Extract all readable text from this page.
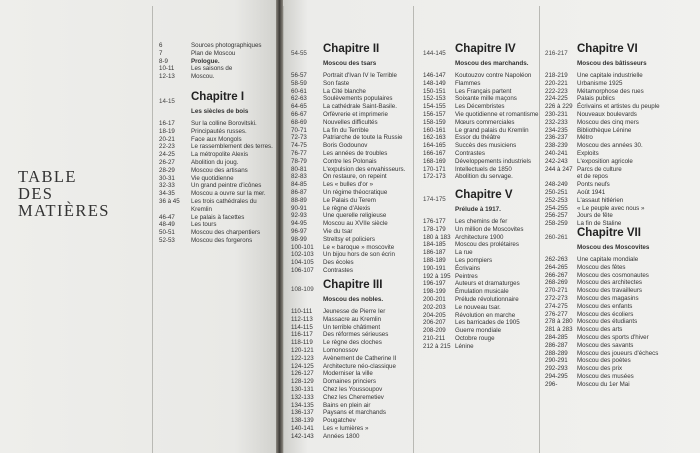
TABLE
DES
MATIÈRES
6	Sources photographiques
7	Plan de Moscou
8-9	Prologue.
10-11	Les saisons de
12-13	Moscou.
14-15 Chapitre I
Les siècles de bois
16-17	Sur la colline Borovitski.
18-19	Principautés russes.
20-21	Face aux Mongols
22-23	Le rassemblement des terres.
24-25	La métropolite Alexis
26-27	Abolition du joug.
28-29	Moscou des artisans
30-31	Vie quotidienne
32-33	Un grand peintre d'icônes
34-35	Moscou a ouvre sur la mer.
36 à 45	Les trois cathédrales du
Kremlin
46-47	Le palais à facettes
48-49	Les tours
50-51	Moscou des charpentiers
52-53	Moscou des forgerons
54-55 Chapitre II
Moscou des tsars
56-57	Portrait d'Ivan IV le Terrible
58-59	Son faste
60-61	La Cité blanche
62-63	Soulèvements populaires
64-65	La cathédrale Saint-Basile.
66-67	Orfèvrerie et imprimerie
68-69	Nouvelles difficultés
70-71	La fin du Terrible
72-73	Patriarche de toute la Russie
74-75	Boris Godounov
76-77	Les années de troubles
78-79	Contre les Polonais
80-81	L'expulsion des envahisseurs.
82-83	On restaure, on repeint
84-85	Les « bulles d'or »
86-87	Un régime théocratique
88-89	Le Palais du Terem
90-91	Le règne d'Alexis
92-93	Une querelle religieuse
94-95	Moscou au XVIIe siècle
96-97	Vie du tsar
98-99	Streltsy et policiers
100-101	Le « baroque » moscovite
102-103	Un bijou hors de son écrin
104-105	Des écoles
106-107	Contrastes
108-109 Chapitre III
Moscou des nobles.
110-111	Jeunesse de Pierre Ier
112-113	Massacre au Kremlin
114-115	Un terrible châtiment
116-117	Des réformes sérieuses
118-119	Le règne des cloches
120-121	Lomonossov
122-123	Avènement de Catherine II
124-125	Architecture néo-classique
126-127	Moderniser la ville
128-129	Domaines princiers
130-131	Chez les Youssoupov
132-133	Chez les Cheremetiev
134-135	Bains en plein air
136-137	Paysans et marchands
138-139	Pougatchev
140-141	Les « lumières »
142-143	Années 1800
144-145 Chapitre IV
Moscou des marchands.
146-147	Koutouzov contre Napoléon
148-149	Flammes
150-151	Les Français partent
152-153	Soixante mille maçons
154-155	Les Décembristes
156-157	Vie quotidienne et romantisme
158-159	Mœurs commerciales
160-161	Le grand palais du Kremlin
162-163	Essor du théâtre
164-165	Succès des musiciens
166-167	Contrastes
168-169	Développements industriels
170-171	Intellectuels de 1850
172-173	Abolition du servage.
174-175 Chapitre V
Prélude à 1917.
176-177	Les chemins de fer
178-179	Un million de Moscovites
180 à 183 Architecture 1900
184-185	Moscou des prolétaires
186-187	La rue
188-189	Les pompiers
190-191	Écrivains
192 à 195 Peintres
196-197	Auteurs et dramaturges
198-199	Émulation musicale
200-201	Prélude révolutionnaire
202-203	Le nouveau tsar.
204-205	Révolution en marche
206-207	Les barricades de 1905
208-209	Guerre mondiale
210-211	Octobre rouge
212 à 215 Lénine
216-217 Chapitre VI
Moscou des bâtisseurs
218-219	Une capitale industrielle
220-221	Urbanisme 1925
222-223	Métamorphose des rues
224-225	Palais publics
226 à 229 Écrivains et artistes du peuple
230-231	Nouveaux boulevards
232-233	Moscou des cinq mers
234-235	Bibliothèque Lénine
236-237	Métro
238-239	Moscou des années 30.
240-241	Exploits
242-243	L'exposition agricole
244 à 247 Parcs de culture
et de repos
248-249	Ponts neufs
250-251	Août 1941
252-253	L'assaut hitlérien
254-255	« Le peuple avec nous »
256-257	Jours de fête
258-259	La fin de Staline
260-261 Chapitre VII
Moscou des Moscovites
262-263	Une capitale mondiale
264-265	Moscou des fêtes
266-267	Moscou des cosmonautes
268-269	Moscou des architectes
270-271	Moscou des travailleurs
272-273	Moscou des magasins
274-275	Moscou des enfants
276-277	Moscou des écoliers
278 à 280 Moscou des étudiants
281 à 283 Moscou des arts
284-285	Moscou des sports d'hiver
286-287	Moscou des savants
288-289	Moscou des joueurs d'échecs
290-291	Moscou des poètes
292-293	Moscou des prix
294-295	Moscou des musées
296-	Moscou du 1er Mai
